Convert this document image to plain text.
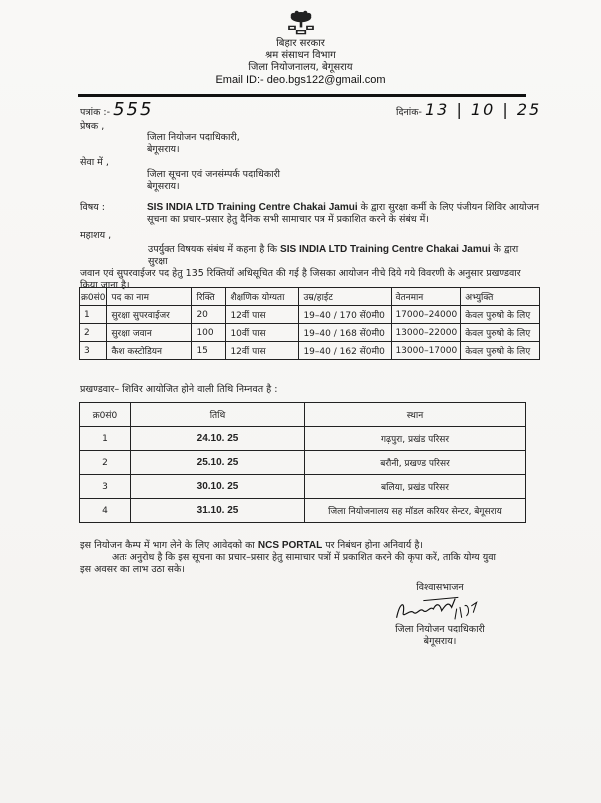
बिहार सरकार
श्रम संसाधन विभाग
जिला नियोजनालय, बेगूसराय
Email ID:- deo.bgs122@gmail.com
पत्रांक :- 555	दिनांक- 13 | 10 | 25
प्रेषक ,
जिला नियोजन पदाधिकारी,
बेगूसराय।
सेवा में ,
जिला सूचना एवं जनसंम्पर्क पदाधिकारी
बेगूसराय।
विषय :	SIS INDIA LTD Training Centre Chakai Jamui के द्वारा सुरक्षा कर्मी के लिए पंजीयन शिविर आयोजन
सूचना का प्रचार–प्रसार हेतु दैनिक सभी सामाचार पत्र में प्रकाशित करने के संबंध में।
महाशय ,
उपर्युक्त विषयक संबंध में कहना है कि SIS INDIA LTD Training Centre Chakai Jamui के द्वारा सुरक्षा
जवान एवं सुपरवाईजर पद हेतु 135 रिक्तियों अधिसूचित की गई है जिसका आयोजन नीचे दिये गये विवरणी के अनुसार प्रखण्डवार
किया जाना है।
क्र0सं0	पद का नाम	रिक्ति	शैक्षणिक योग्यता	उम्र/हाईट	वेतनमान	अभ्युक्ति
1	सुरक्षा सुपरवाईजर	20	12वीं पास	19–40 / 170 सें0मी0	17000–24000	केवल पुरुषो के लिए
2	सुरक्षा जवान	100	10वीं पास	19–40 / 168 सें0मी0	13000–22000	केवल पुरुषो के लिए
3	कैश कस्टोडियन	15	12वीं पास	19–40 / 162 सें0मी0	13000–17000	केवल पुरुषो के लिए
प्रखण्डवार– शिविर आयोजित होने वाली तिथि निम्नवत है :
क्र0सं0	तिथि	स्थान
1	24.10. 25	गढ़पुरा, प्रखंड परिसर
2	25.10. 25	बरौनी, प्रखण्ड परिसर
3	30.10. 25	बलिया, प्रखंड परिसर
4	31.10. 25	जिला नियोजनालय सह मॉडल करियर सेन्टर, बेगूसराय
इस नियोजन कैम्प में भाग लेने के लिए आवेदको का NCS PORTAL पर निबंधन होना अनिवार्य है।
अतः अनुरोध है कि इस सूचना का प्रचार–प्रसार हेतु सामाचार पत्रों में प्रकाशित करने की कृपा करें, ताकि योग्य युवा
इस अवसर का लाभ उठा सके।
विश्वासभाजन
जिला नियोजन पदाधिकारी
बेगूसराय।
